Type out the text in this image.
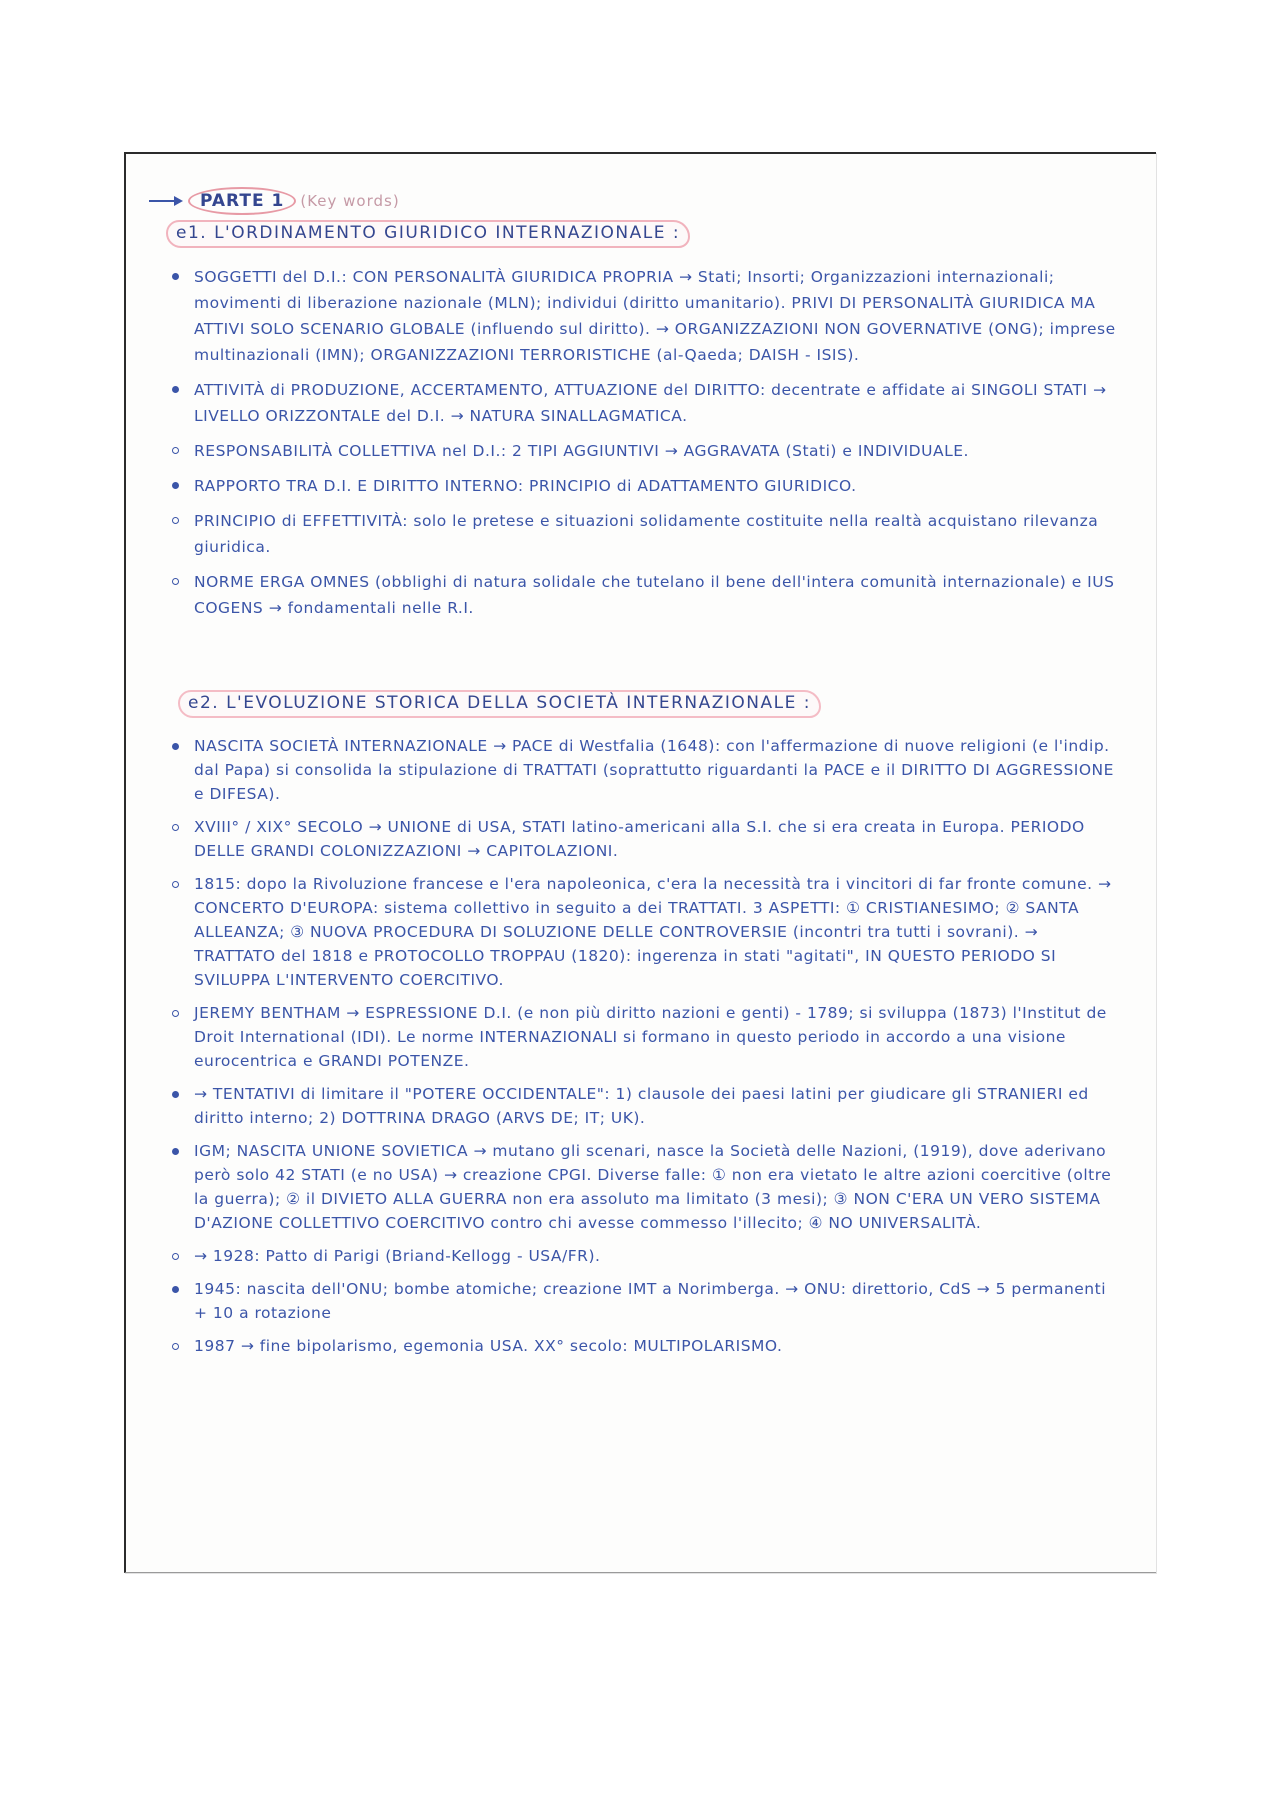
PARTE 1	(Key words)
e1. L'ORDINAMENTO GIURIDICO INTERNAZIONALE :
SOGGETTI del D.I.: CON PERSONALITÀ GIURIDICA PROPRIA → Stati; Insorti; Organizzazioni internazionali; movimenti di liberazione nazionale (MLN); individui (diritto umanitario). PRIVI DI PERSONALITÀ GIURIDICA MA ATTIVI SOLO SCENARIO GLOBALE (influendo sul diritto). → ORGANIZZAZIONI NON GOVERNATIVE (ONG); imprese multinazionali (IMN); ORGANIZZAZIONI TERRORISTICHE (al-Qaeda; DAISH - ISIS).
ATTIVITÀ di PRODUZIONE, ACCERTAMENTO, ATTUAZIONE del DIRITTO: decentrate e affidate ai SINGOLI STATI → LIVELLO ORIZZONTALE del D.I. → NATURA SINALLAGMATICA.
RESPONSABILITÀ COLLETTIVA nel D.I.: 2 TIPI AGGIUNTIVI → AGGRAVATA (Stati) e INDIVIDUALE.
RAPPORTO TRA D.I. E DIRITTO INTERNO: PRINCIPIO di ADATTAMENTO GIURIDICO.
PRINCIPIO di EFFETTIVITÀ: solo le pretese e situazioni solidamente costituite nella realtà acquistano rilevanza giuridica.
NORME ERGA OMNES (obblighi di natura solidale che tutelano il bene dell'intera comunità internazionale) e IUS COGENS → fondamentali nelle R.I.
e2. L'EVOLUZIONE STORICA DELLA SOCIETÀ INTERNAZIONALE :
NASCITA SOCIETÀ INTERNAZIONALE → PACE di Westfalia (1648): con l'affermazione di nuove religioni (e l'indip. dal Papa) si consolida la stipulazione di TRATTATI (soprattutto riguardanti la PACE e il DIRITTO DI AGGRESSIONE e DIFESA).
XVIII° / XIX° SECOLO → UNIONE di USA, STATI latino-americani alla S.I. che si era creata in Europa. PERIODO DELLE GRANDI COLONIZZAZIONI → CAPITOLAZIONI.
1815: dopo la Rivoluzione francese e l'era napoleonica, c'era la necessità tra i vincitori di far fronte comune. → CONCERTO D'EUROPA: sistema collettivo in seguito a dei TRATTATI. 3 ASPETTI: ① CRISTIANESIMO; ② SANTA ALLEANZA; ③ NUOVA PROCEDURA DI SOLUZIONE DELLE CONTROVERSIE (incontri tra tutti i sovrani). → TRATTATO del 1818 e PROTOCOLLO TROPPAU (1820): ingerenza in stati "agitati", IN QUESTO PERIODO SI SVILUPPA L'INTERVENTO COERCITIVO.
JEREMY BENTHAM → ESPRESSIONE D.I. (e non più diritto nazioni e genti) - 1789; si sviluppa (1873) l'Institut de Droit International (IDI). Le norme INTERNAZIONALI si formano in questo periodo in accordo a una visione eurocentrica e GRANDI POTENZE.
→ TENTATIVI di limitare il "POTERE OCCIDENTALE": 1) clausole dei paesi latini per giudicare gli STRANIERI ed diritto interno; 2) DOTTRINA DRAGO (ARVS DE; IT; UK).
IGM; NASCITA UNIONE SOVIETICA → mutano gli scenari, nasce la Società delle Nazioni, (1919), dove aderivano però solo 42 STATI (e no USA) → creazione CPGI. Diverse falle: ① non era vietato le altre azioni coercitive (oltre la guerra); ② il DIVIETO ALLA GUERRA non era assoluto ma limitato (3 mesi); ③ NON C'ERA UN VERO SISTEMA D'AZIONE COLLETTIVO COERCITIVO contro chi avesse commesso l'illecito; ④ NO UNIVERSALITÀ.
→ 1928: Patto di Parigi (Briand-Kellogg - USA/FR).
1945: nascita dell'ONU; bombe atomiche; creazione IMT a Norimberga. → ONU: direttorio, CdS → 5 permanenti + 10 a rotazione
1987 → fine bipolarismo, egemonia USA. XX° secolo: MULTIPOLARISMO.
